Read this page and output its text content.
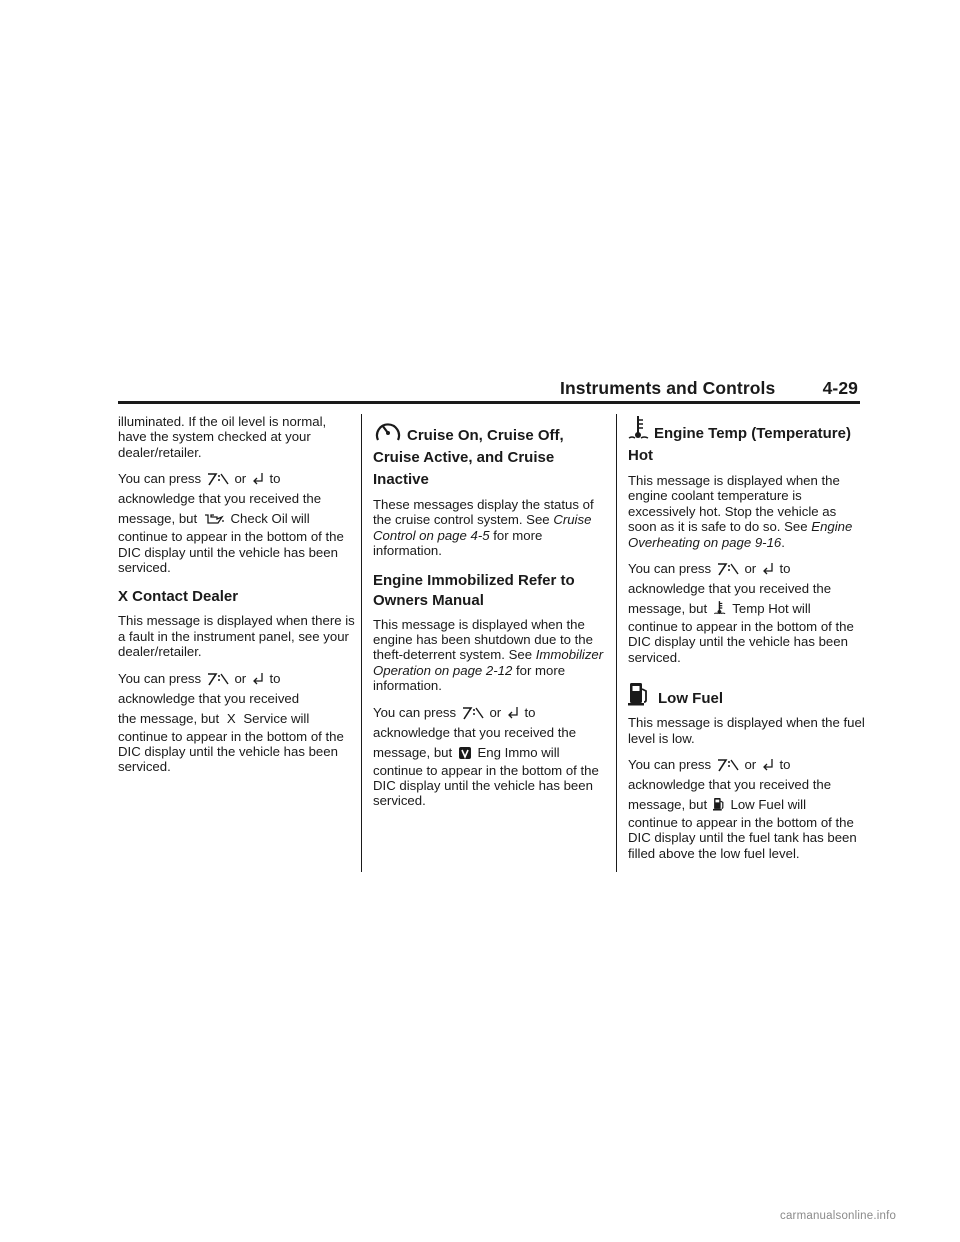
Instruments and Controls	4-29

illuminated. If the oil level is normal, have the system checked at your dealer/retailer.

You can press	or to
acknowledge that you received the
message, but	Check Oil will

continue to appear in the bottom of the DIC display until the vehicle has been serviced.

X Contact Dealer

This message is displayed when there is a fault in the instrument panel, see your dealer/retailer.

You can press	or to
acknowledge that you received
the message, but X Service will

continue to appear in the bottom of the DIC display until the vehicle has been serviced.

Cruise On, Cruise Off, Cruise Active, and Cruise Inactive

These messages display the status of the cruise control system. See Cruise Control on page 4-5 for more information.

Engine Immobilized Refer to Owners Manual

This message is displayed when the engine has been shutdown due to the theft-deterrent system. See Immobilizer Operation on page 2-12 for more information.

You can press	or to
acknowledge that you received the
message, but Eng Immo will

continue to appear in the bottom of the DIC display until the vehicle has been serviced.

Engine Temp (Temperature) Hot

This message is displayed when the engine coolant temperature is excessively hot. Stop the vehicle as soon as it is safe to do so. See Engine Overheating on page 9-16.

You can press	or to
acknowledge that you received the
message, but Temp Hot will

continue to appear in the bottom of the DIC display until the vehicle has been serviced.

Low Fuel

This message is displayed when the fuel level is low.

You can press	or to
acknowledge that you received the
message, but Low Fuel will

continue to appear in the bottom of the DIC display until the fuel tank has been filled above the low fuel level.

carmanualsonline.info
